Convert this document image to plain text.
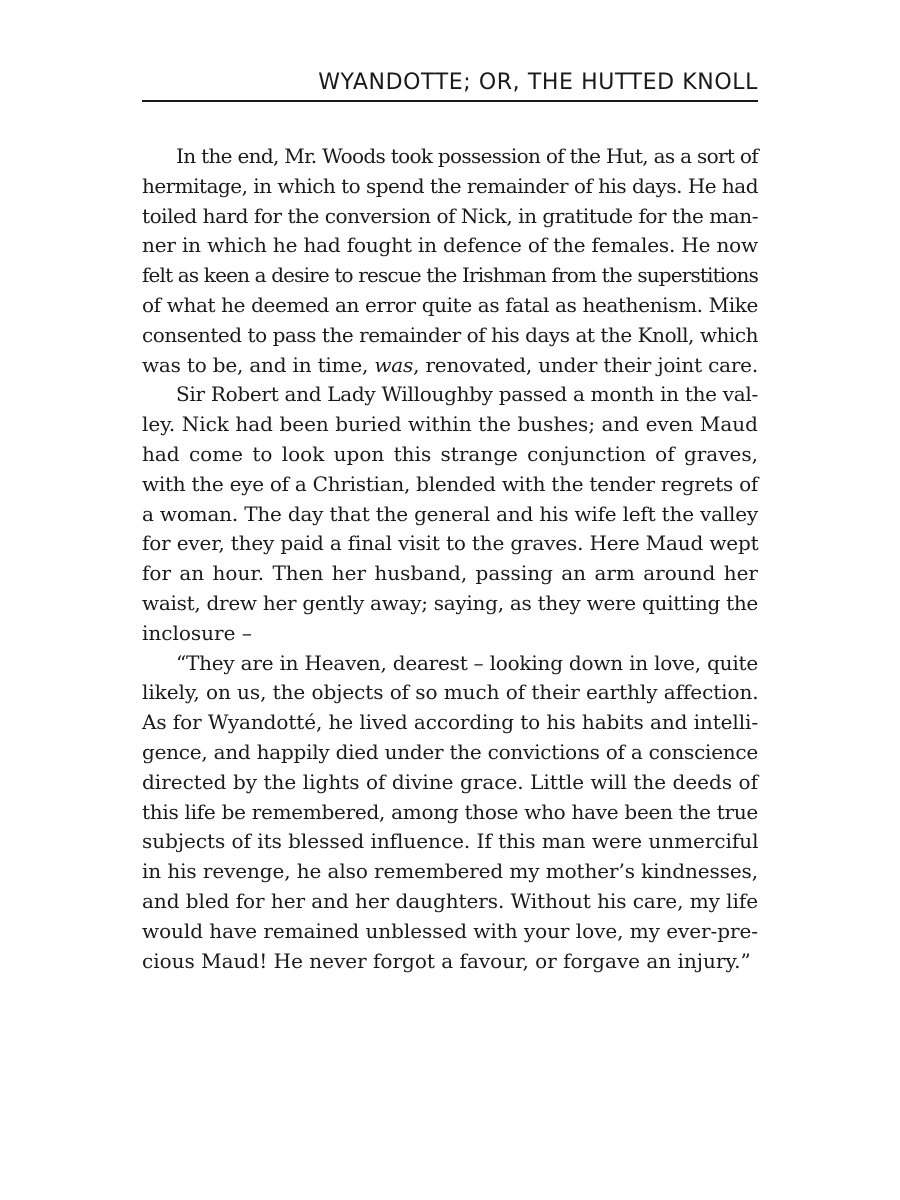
WYANDOTTE; OR, THE HUTTED KNOLL
In the end, Mr. Woods took possession of the Hut, as a sort of
hermitage, in which to spend the remainder of his days. He had
toiled hard for the conversion of Nick, in gratitude for the man-
ner in which he had fought in defence of the females. He now
felt as keen a desire to rescue the Irishman from the superstitions
of what he deemed an error quite as fatal as heathenism. Mike
consented to pass the remainder of his days at the Knoll, which
was to be, and in time, was, renovated, under their joint care.
Sir Robert and Lady Willoughby passed a month in the val-
ley. Nick had been buried within the bushes; and even Maud
had come to look upon this strange conjunction of graves,
with the eye of a Christian, blended with the tender regrets of
a woman. The day that the general and his wife left the valley
for ever, they paid a final visit to the graves. Here Maud wept
for an hour. Then her husband, passing an arm around her
waist, drew her gently away; saying, as they were quitting the
inclosure –
“They are in Heaven, dearest – looking down in love, quite
likely, on us, the objects of so much of their earthly affection.
As for Wyandotté, he lived according to his habits and intelli-
gence, and happily died under the convictions of a conscience
directed by the lights of divine grace. Little will the deeds of
this life be remembered, among those who have been the true
subjects of its blessed influence. If this man were unmerciful
in his revenge, he also remembered my mother’s kindnesses,
and bled for her and her daughters. Without his care, my life
would have remained unblessed with your love, my ever-pre-
cious Maud! He never forgot a favour, or forgave an injury.”
